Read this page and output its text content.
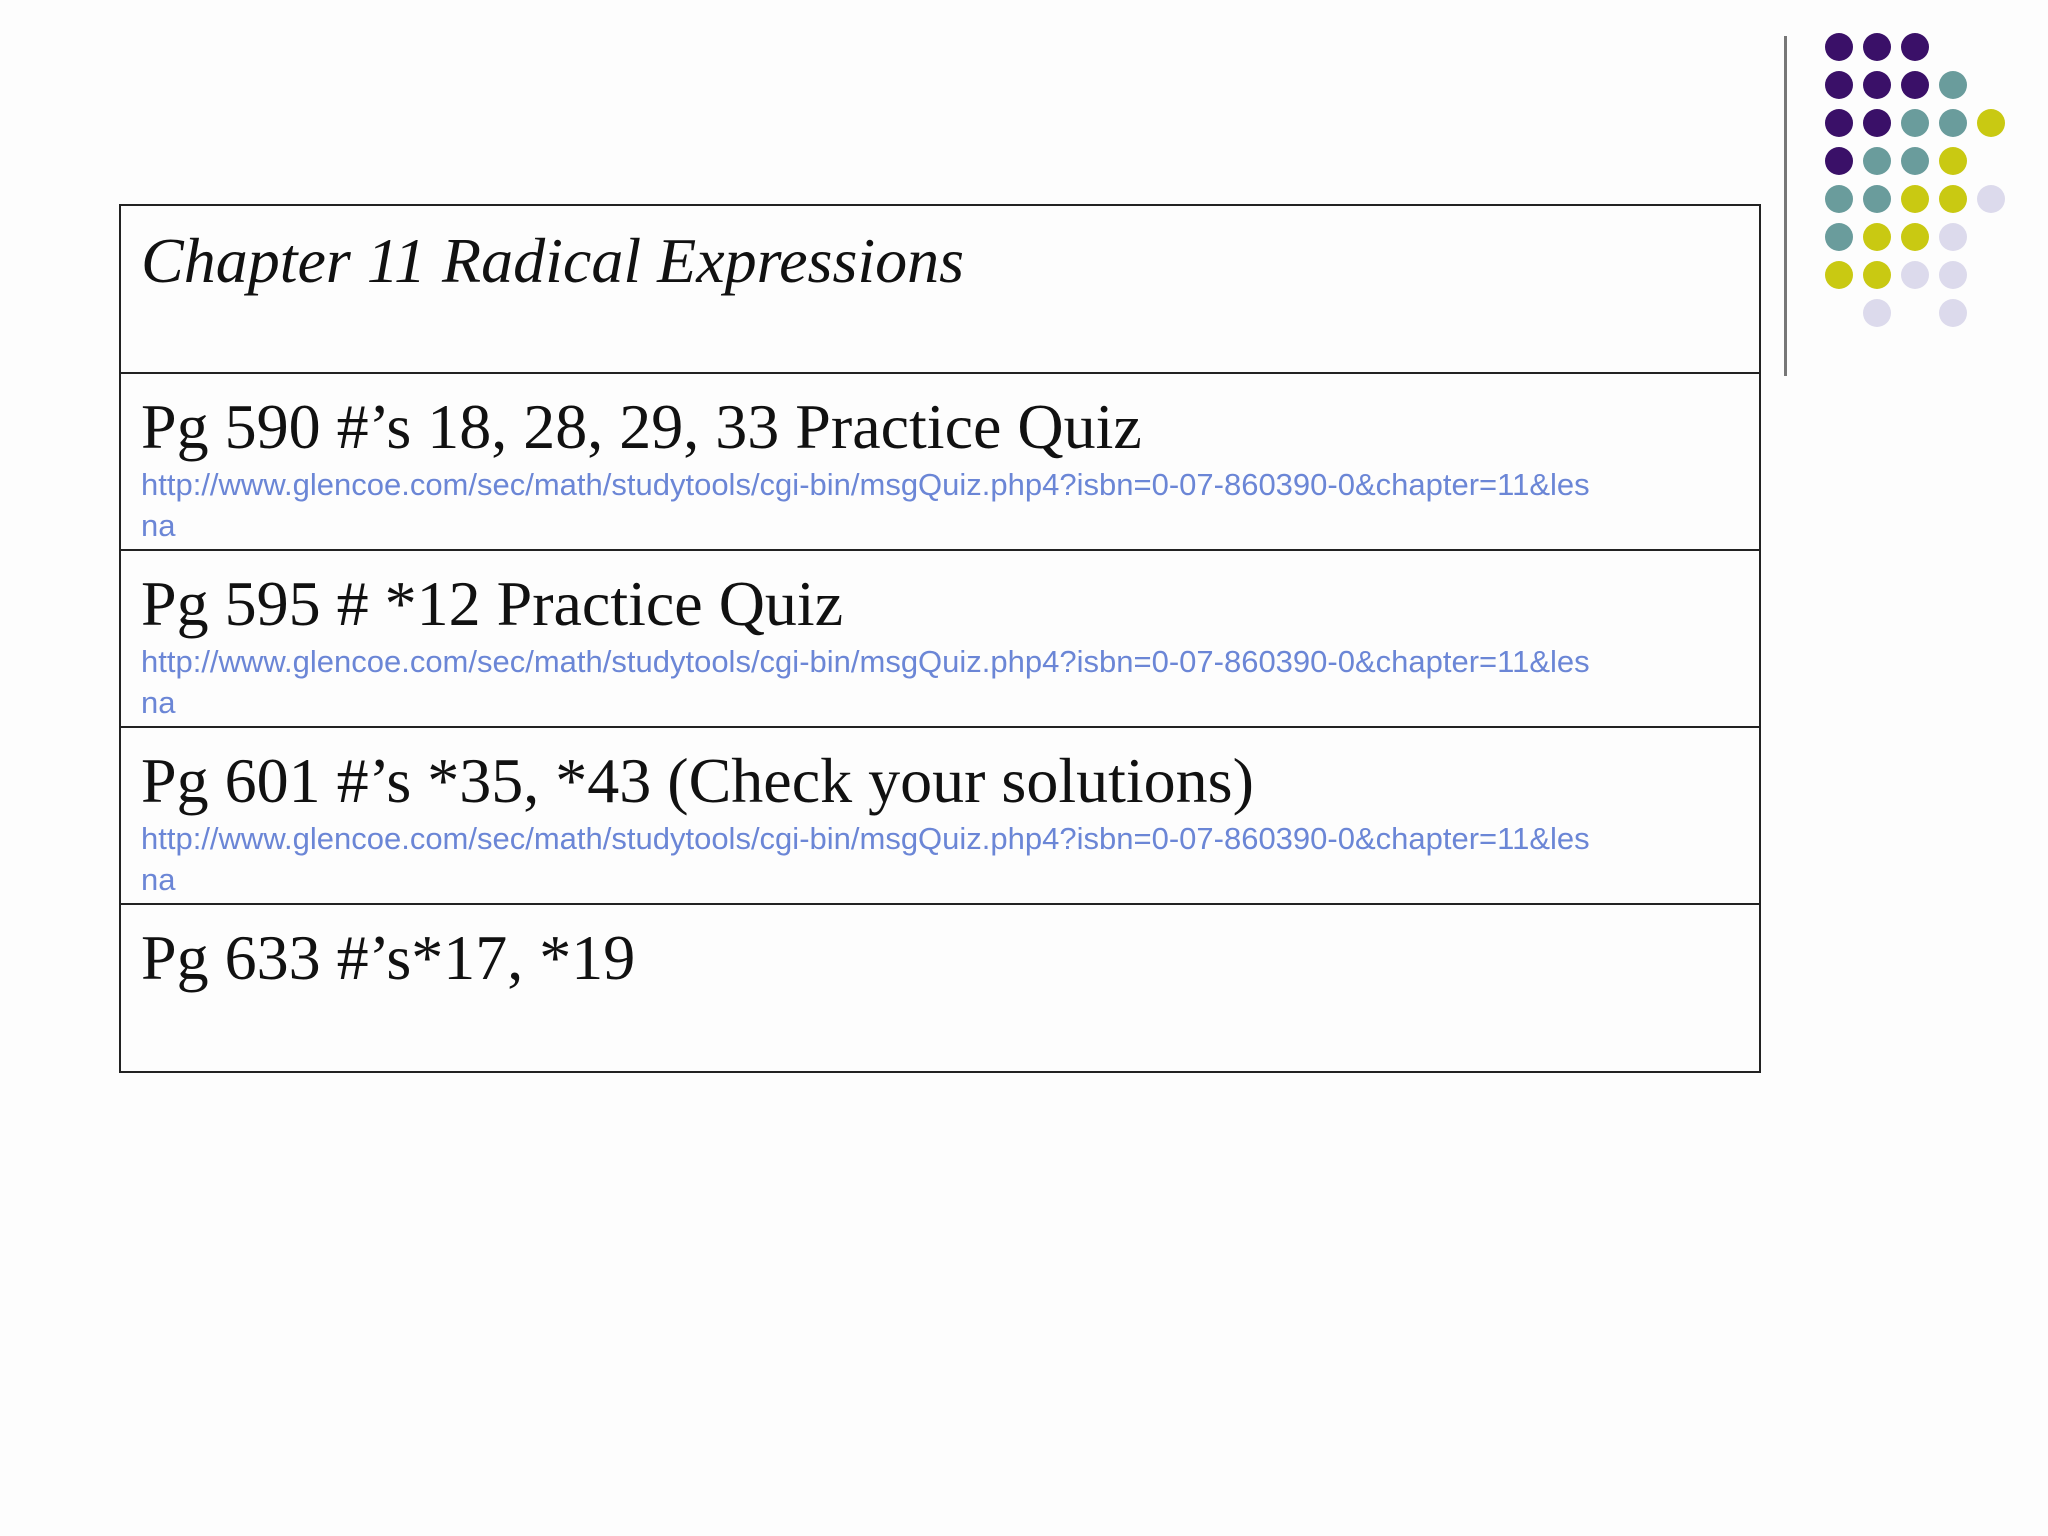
Chapter 11 Radical Expressions
Pg 590 #’s 18, 28, 29, 33 Practice Quiz
http://www.glencoe.com/sec/math/studytools/cgi-bin/msgQuiz.php4?isbn=0-07-860390-0&chapter=11&les
na
Pg 595 # *12 Practice Quiz
http://www.glencoe.com/sec/math/studytools/cgi-bin/msgQuiz.php4?isbn=0-07-860390-0&chapter=11&les
na
Pg 601 #’s *35, *43 (Check your solutions)
http://www.glencoe.com/sec/math/studytools/cgi-bin/msgQuiz.php4?isbn=0-07-860390-0&chapter=11&les
na
Pg 633 #’s*17, *19
